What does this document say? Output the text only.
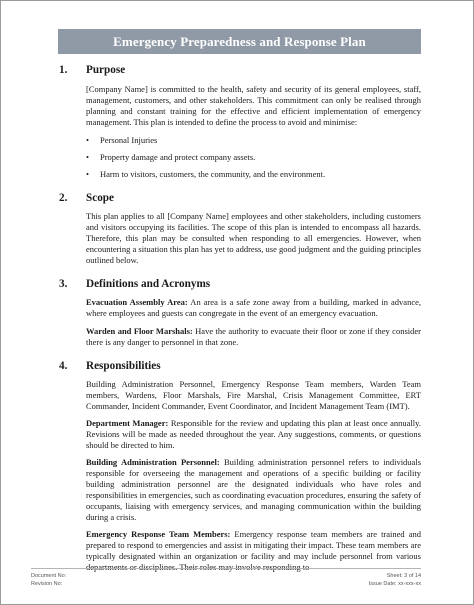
Emergency Preparedness and Response Plan
1.	Purpose
[Company Name] is committed to the health, safety and security of its general employees, staff, management, customers, and other stakeholders. This commitment can only be realised through planning and constant training for the effective and efficient implementation of emergency management. This plan is intended to define the process to avoid and minimise:
•	Personal Injuries
•	Property damage and protect company assets.
•	Harm to visitors, customers, the community, and the environment.
2.	Scope
This plan applies to all [Company Name] employees and other stakeholders, including customers and visitors occupying its facilities. The scope of this plan is intended to encompass all hazards. Therefore, this plan may be consulted when responding to all emergencies. However, when encountering a situation this plan has yet to address, use good judgment and the guiding principles outlined below.
3.	Definitions and Acronyms
Evacuation Assembly Area: An area is a safe zone away from a building, marked in advance, where employees and guests can congregate in the event of an emergency evacuation.
Warden and Floor Marshals: Have the authority to evacuate their floor or zone if they consider there is any danger to personnel in that zone.
4.	Responsibilities
Building Administration Personnel, Emergency Response Team members, Warden Team members, Wardens, Floor Marshals, Fire Marshal, Crisis Management Committee, ERT Commander, Incident Commander, Event Coordinator, and Incident Management Team (IMT).
Department Manager: Responsible for the review and updating this plan at least once annually. Revisions will be made as needed throughout the year. Any suggestions, comments, or questions should be directed to him.
Building Administration Personnel: Building administration personnel refers to individuals responsible for overseeing the management and operations of a specific building or facility building administration personnel are the designated individuals who have roles and responsibilities in emergencies, such as coordinating evacuation procedures, ensuring the safety of occupants, liaising with emergency services, and managing communication within the building during a crisis.
Emergency Response Team Members: Emergency response team members are trained and prepared to respond to emergencies and assist in mitigating their impact. These team members are typically designated within an organization or facility and may include personnel from various departments or disciplines. Their roles may involve responding to
Document No:	Sheet: 3 of 14
Revision No:	Issue Date: xx-xxx-xx
